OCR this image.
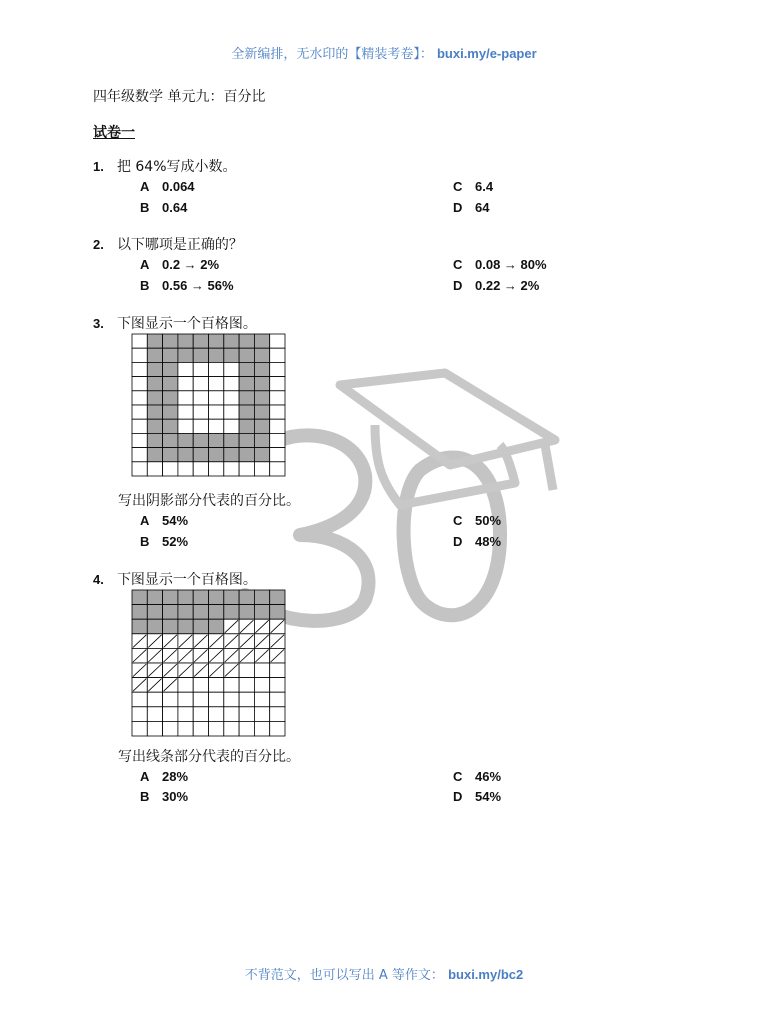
全新编排，无水印的【精装考卷】： buxi.my/e-paper
四年级数学 单元九：百分比
试卷一
1. 把 64%写成小数。
A 0.064
B 0.64
C 6.4
D 64
2. 以下哪项是正确的？
A 0.2 → 2%
B 0.56 → 56%
C 0.08 → 80%
D 0.22 → 2%
3. 下图显示一个百格图。
写出阴影部分代表的百分比。
A 54%
B 52%
C 50%
D 48%
4. 下图显示一个百格图。
写出线条部分代表的百分比。
A 28%
B 30%
C 46%
D 54%
不背范文，也可以写出 A 等作文： buxi.my/bc2
